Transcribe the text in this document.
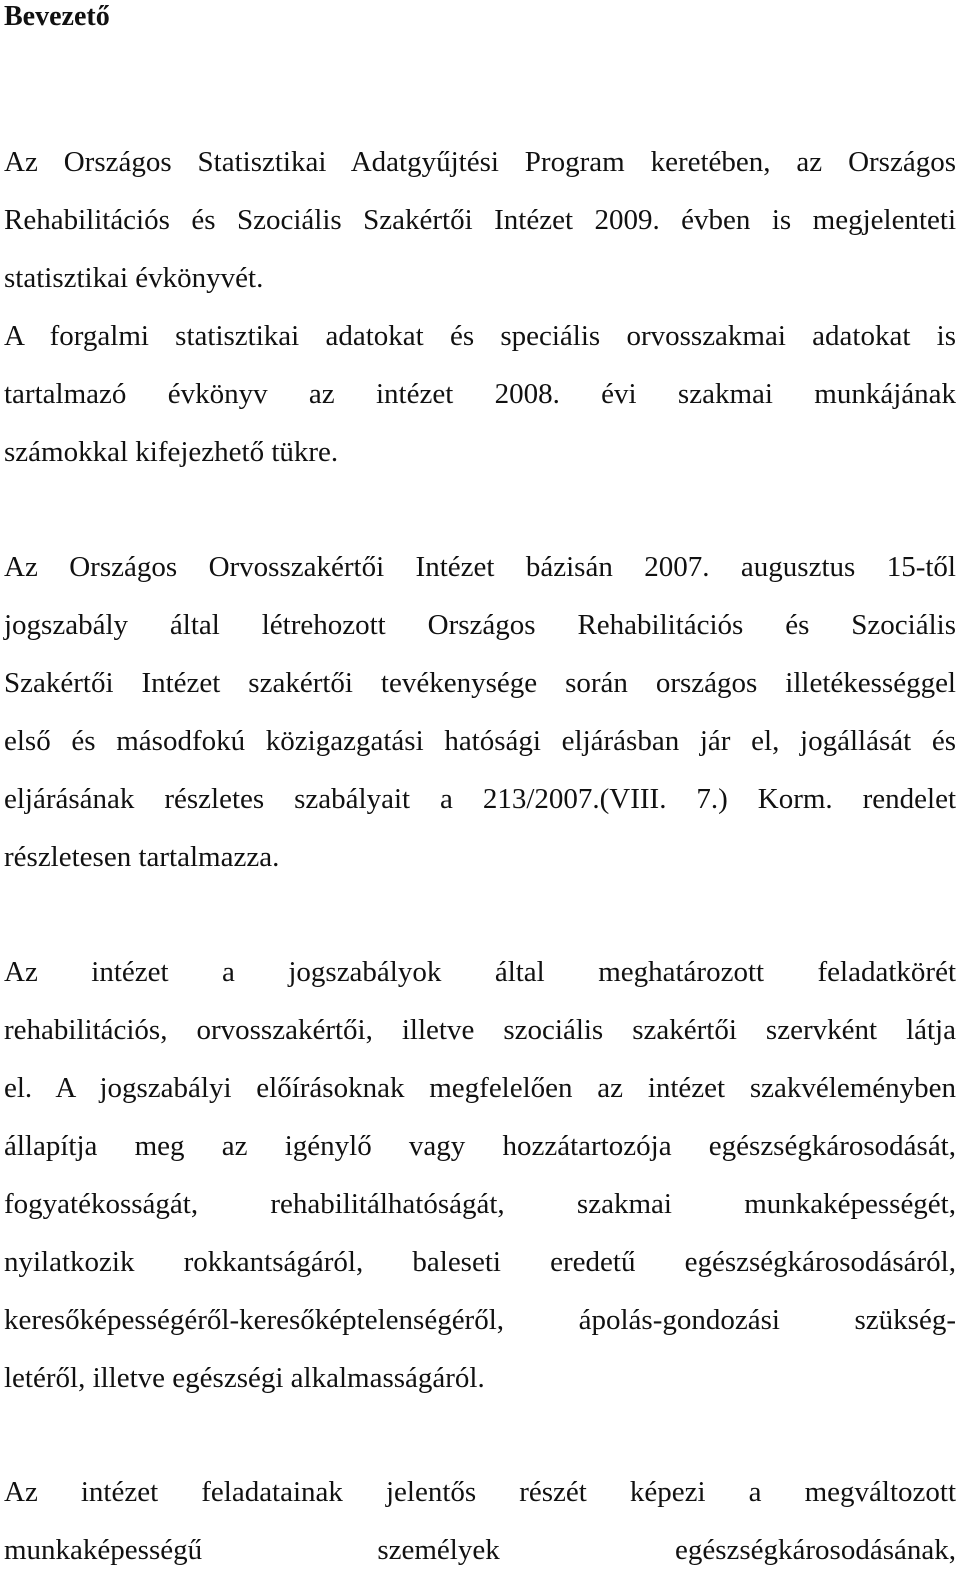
Bevezető
Az Országos Statisztikai Adatgyűjtési Program keretében, az Országos
Rehabilitációs és Szociális Szakértői Intézet 2009. évben is megjelenteti
statisztikai évkönyvét.
A forgalmi statisztikai adatokat és speciális orvosszakmai adatokat is
tartalmazó évkönyv az intézet 2008. évi szakmai munkájának
számokkal kifejezhető tükre.
Az Országos Orvosszakértői Intézet bázisán 2007. augusztus 15-től
jogszabály által létrehozott Országos Rehabilitációs és Szociális
Szakértői Intézet szakértői tevékenysége során országos illetékességgel
első és másodfokú közigazgatási hatósági eljárásban jár el, jogállását és
eljárásának részletes szabályait a 213/2007.(VIII. 7.) Korm. rendelet
részletesen tartalmazza.
Az intézet a jogszabályok által meghatározott feladatkörét
rehabilitációs, orvosszakértői, illetve szociális szakértői szervként látja
el. A jogszabályi előírásoknak megfelelően az intézet szakvéleményben
állapítja meg az igénylő vagy hozzátartozója egészségkárosodását,
fogyatékosságát, rehabilitálhatóságát, szakmai munkaképességét,
nyilatkozik rokkantságáról, baleseti eredetű egészségkárosodásáról,
keresőképességéről-keresőképtelenségéről, ápolás-gondozási szükség-
letéről, illetve egészségi alkalmasságáról.
Az intézet feladatainak jelentős részét képezi a megváltozott
munkaképességű személyek egészségkárosodásának,
